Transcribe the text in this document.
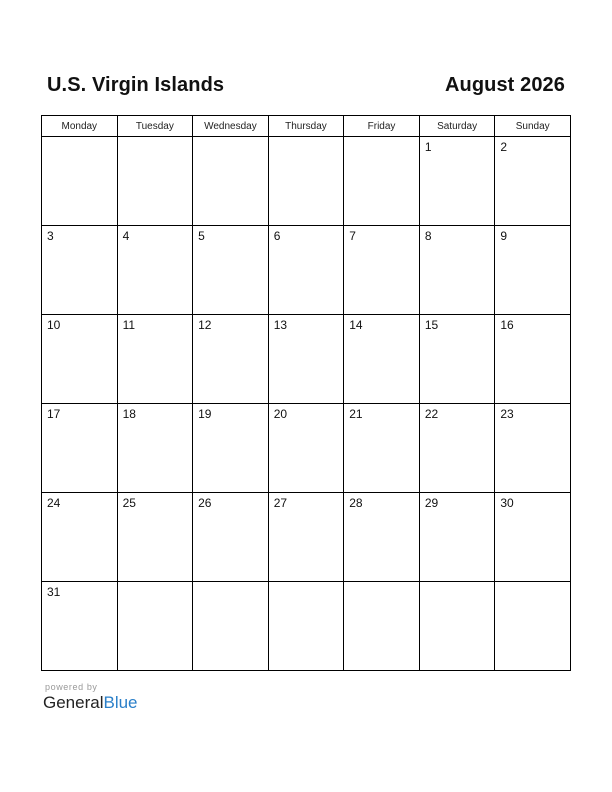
U.S. Virgin Islands	August 2026
Monday	Tuesday	Wednesday	Thursday	Friday	Saturday	Sunday

					1	2

3	4	5	6	7	8	9

10	11	12	13	14	15	16

17	18	19	20	21	22	23

24	25	26	27	28	29	30

31						

powered by
GeneralBlue
